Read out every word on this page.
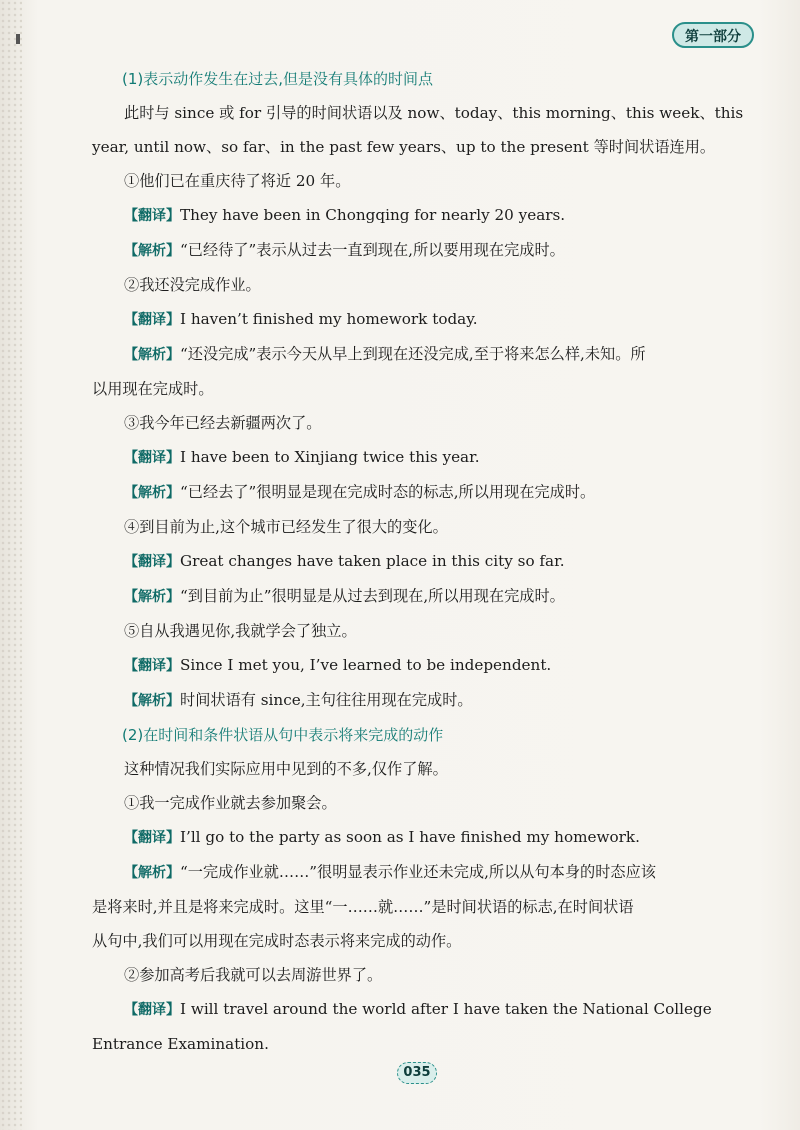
第一部分
(1)表示动作发生在过去,但是没有具体的时间点
此时与 since 或 for 引导的时间状语以及 now、today、this morning、this week、this
year, until now、so far、in the past few years、up to the present 等时间状语连用。
①他们已在重庆待了将近 20 年。
【翻译】They have been in Chongqing for nearly 20 years.
【解析】“已经待了”表示从过去一直到现在,所以要用现在完成时。
②我还没完成作业。
【翻译】I haven’t finished my homework today.
【解析】“还没完成”表示今天从早上到现在还没完成,至于将来怎么样,未知。所
以用现在完成时。
③我今年已经去新疆两次了。
【翻译】I have been to Xinjiang twice this year.
【解析】“已经去了”很明显是现在完成时态的标志,所以用现在完成时。
④到目前为止,这个城市已经发生了很大的变化。
【翻译】Great changes have taken place in this city so far.
【解析】“到目前为止”很明显是从过去到现在,所以用现在完成时。
⑤自从我遇见你,我就学会了独立。
【翻译】Since I met you, I’ve learned to be independent.
【解析】时间状语有 since,主句往往用现在完成时。
(2)在时间和条件状语从句中表示将来完成的动作
这种情况我们实际应用中见到的不多,仅作了解。
①我一完成作业就去参加聚会。
【翻译】I’ll go to the party as soon as I have finished my homework.
【解析】“一完成作业就……”很明显表示作业还未完成,所以从句本身的时态应该
是将来时,并且是将来完成时。这里“一……就……”是时间状语的标志,在时间状语
从句中,我们可以用现在完成时态表示将来完成的动作。
②参加高考后我就可以去周游世界了。
【翻译】I will travel around the world after I have taken the National College
Entrance Examination.
035
